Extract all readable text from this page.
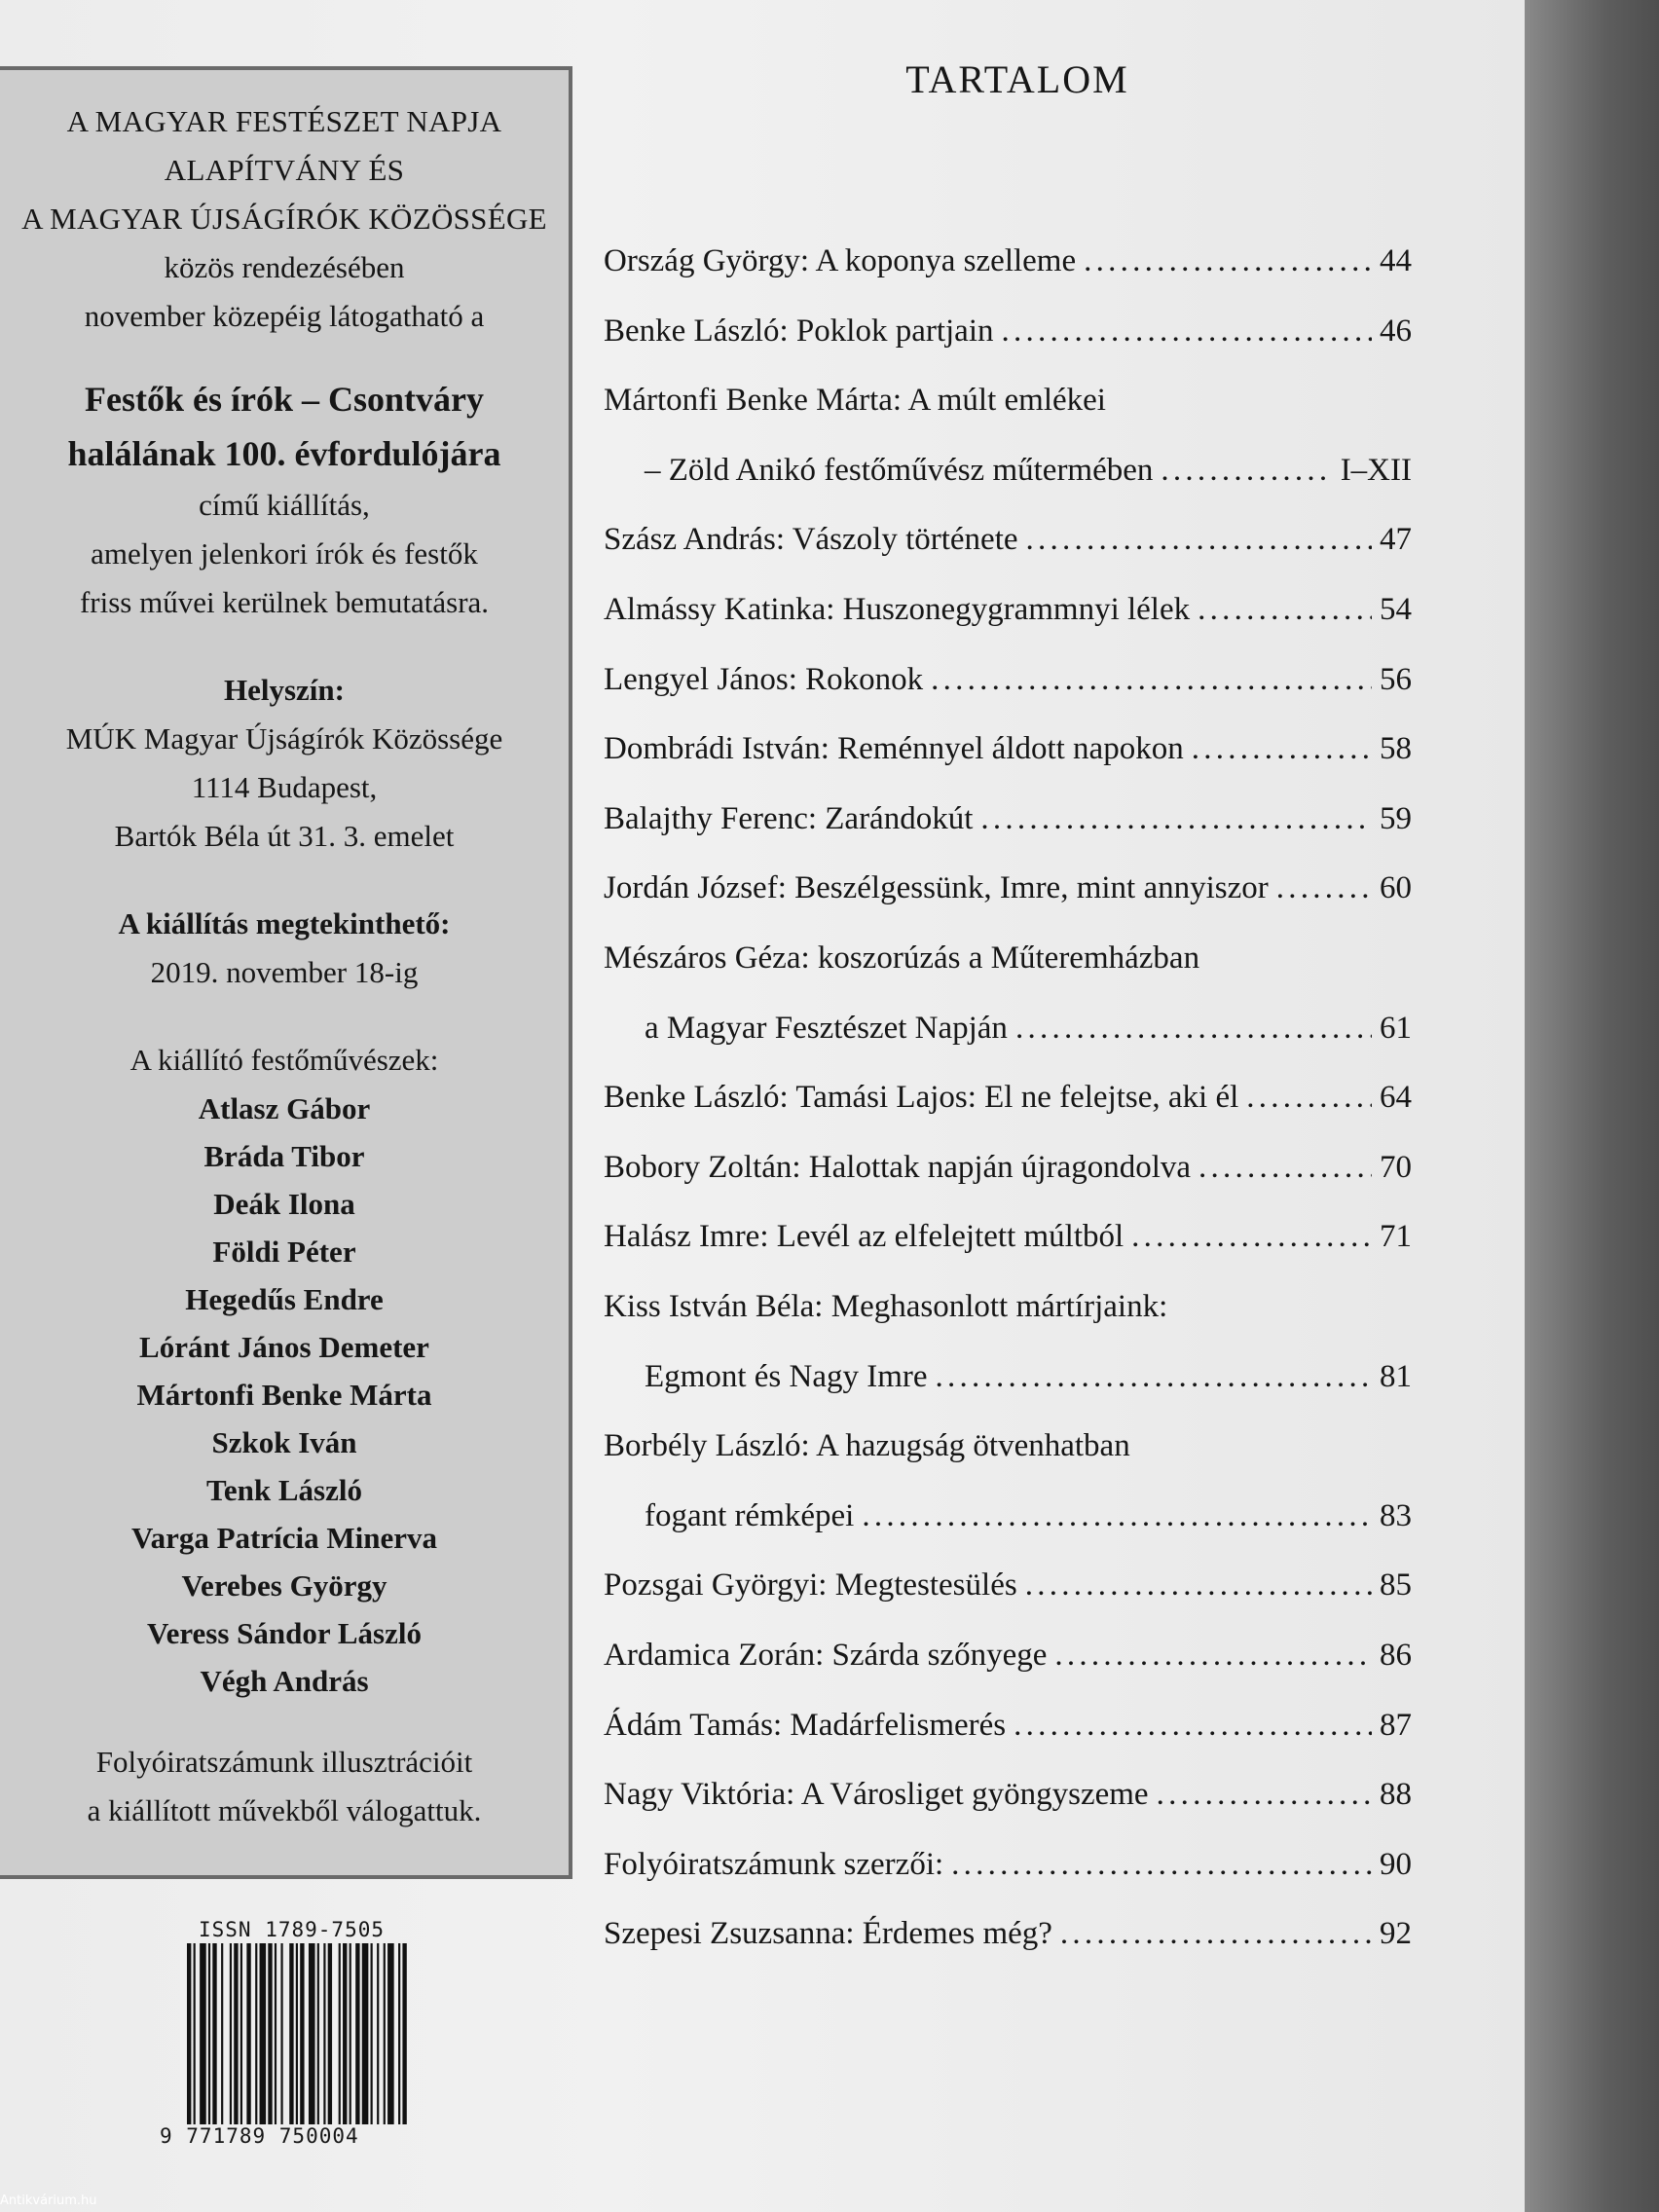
A MAGYAR FESTÉSZET NAPJA
ALAPÍTVÁNY ÉS
A MAGYAR ÚJSÁGÍRÓK KÖZÖSSÉGE
közös rendezésében
november közepéig látogatható a
Festők és írók – Csontváry
halálának 100. évfordulójára
című kiállítás,
amelyen jelenkori írók és festők
friss művei kerülnek bemutatásra.
Helyszín:
MÚK Magyar Újságírók Közössége
1114 Budapest,
Bartók Béla út 31. 3. emelet
A kiállítás megtekinthető:
2019. november 18-ig
A kiállító festőművészek:
Atlasz Gábor
Bráda Tibor
Deák Ilona
Földi Péter
Hegedűs Endre
Lóránt János Demeter
Mártonfi Benke Márta
Szkok Iván
Tenk László
Varga Patrícia Minerva
Verebes György
Veress Sándor László
Végh András
Folyóiratszámunk illusztrációit
a kiállított művekből válogattuk.
ISSN 1789-7505
9 771789 750004
Antikvárium.hu
TARTALOM
Ország György: A koponya szelleme . . .	44
Benke László: Poklok partjain . . .	46
Mártonfi Benke Márta: A múlt emlékei
– Zöld Anikó festőművész műtermében . . .	I–XII
Szász András: Vászoly története . . .	47
Almássy Katinka: Huszonegygrammnyi lélek . . .	54
Lengyel János: Rokonok . . .	56
Dombrádi István: Reménnyel áldott napokon . . .	58
Balajthy Ferenc: Zarándokút . . .	59
Jordán József: Beszélgessünk, Imre, mint annyiszor . . .	60
Mészáros Géza: koszorúzás a Műteremházban
a Magyar Fesztészet Napján . . .	61
Benke László: Tamási Lajos: El ne felejtse, aki él . . .	64
Bobory Zoltán: Halottak napján újragondolva . . .	70
Halász Imre: Levél az elfelejtett múltból . . .	71
Kiss István Béla: Meghasonlott mártírjaink:
Egmont és Nagy Imre . . .	81
Borbély László: A hazugság ötvenhatban
fogant rémképei . . .	83
Pozsgai Györgyi: Megtestesülés . . .	85
Ardamica Zorán: Szárda szőnyege . . .	86
Ádám Tamás: Madárfelismerés . . .	87
Nagy Viktória: A Városliget gyöngyszeme . . .	88
Folyóiratszámunk szerzői: . . .	90
Szepesi Zsuzsanna: Érdemes még? . . .	92
